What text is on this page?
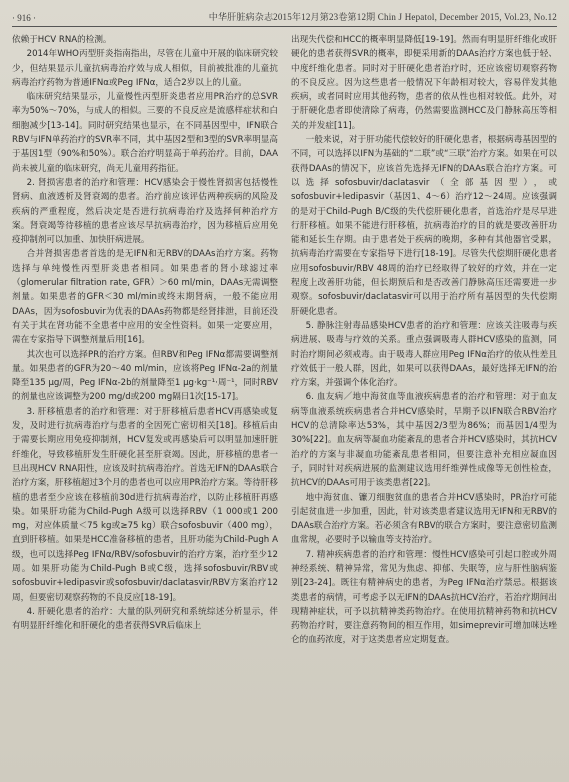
· 916 ·	中华肝脏病杂志2015年12月第23卷第12期 Chin J Hepatol, December 2015, Vol.23, No.12

依赖于HCV RNA的检测。

2014年WHO丙型肝炎指南指出，尽管在儿童中开展的临床研究较少，但结果显示儿童抗病毒治疗效与成人相似，目前被批准的儿童抗病毒治疗药物为普通IFNα或Peg IFNα，适合2岁以上的儿童。

临床研究结果显示，儿童慢性丙型肝炎患者应用PR治疗的总SVR率为50%～70%，与成人的相似。三要的不良反应是流感样症状和白细胞减少[13-14]。同时研究结果也显示，在不同基因型中，IFN联合RBV与IFN单药治疗的SVR率不同，其中基因2型和3型的SVR率明显高于基因1型（90%和50%）。联合治疗明显高于单药治疗。目前，DAA尚未被儿童的临床研究，尚无儿童用药指征。

2. 肾损害患者的治疗和管理：HCV感染会于慢性肾损害包括慢性肾病、血液透析及肾衰竭的患者。治疗前应该评估两种疾病的风险及疾病的严重程度，然后决定是否进行抗病毒治疗及选择何种治疗方案。肾衰竭等待移植的患者应该尽早抗病毒治疗，因为移植后应用免疫抑制剂可以加重、加快肝病进展。

合并肾损害患者首选的是无IFN和无RBV的DAAs治疗方案。药物选择与单纯慢性丙型肝炎患者相同。如果患者的肾小球滤过率（glomerular filtration rate, GFR）＞60 ml/min，DAAs无需调整剂量。如果患者的GFR＜30 ml/min或终末期肾病，一般不能应用DAAs，因为sofosbuvir为优表的DAAs药物都是经肾排泄，目前还没有关于其在肾功能不全患者中应用的安全性资料。如果一定要应用，需在专家指导下调整剂量后用[16]。

其次也可以选择PR的治疗方案。但RBV和Peg IFNα都需要调整剂量。如果患者的GFR为20～40 ml/min，应该将Peg IFNα-2a的剂量降至135 μg/周，Peg IFNα-2b的剂量降至1 μg·kg⁻¹·周⁻¹，同时RBV的剂量也应该调整为200 mg/d或200 mg隔日1次[15-17]。

3. 肝移植患者的治疗和管理：对于肝移植后患者HCV再感染或复发，及时进行抗病毒治疗与患者的全因死亡密切相关[18]。移植后由于需要长期应用免疫抑制剂，HCV复发或再感染后可以明显加速肝脏纤维化，导致移植肝发生肝硬化甚至肝衰竭。因此，肝移植的患者一旦出现HCV RNA阳性，应该及时抗病毒治疗。首选无IFN的DAAs联合治疗方案，肝移植超过3个月的患者也可以应用PR治疗方案。等待肝移植的患者至少应该在移植前30d进行抗病毒治疗，以防止移植肝再感染。如果肝功能为Child-Pugh A级可以选择RBV（1 000或1 200 mg，对应体质量＜75 kg或≥75 kg）联合sofosbuvir（400 mg），直到肝移植。如果是HCC准备移植的患者，且肝功能为Child-Pugh A级，也可以选择Peg IFNα/RBV/sofosbuvir的治疗方案，治疗至少12周。如果肝功能为Child-Pugh B或C级，选择sofosbuvir/RBV或sofosbuvir+ledipasvir或sofosbuvir/daclatasvir/RBV方案治疗12周，但要密切观察药物的不良反应[18-19]。

4. 肝硬化患者的治疗：大量的队列研究和系统综述分析显示，伴有明显肝纤维化和肝硬化的患者获得SVR后临床上

出现失代偿和HCC的概率明显降低[19-19]。然而有明显肝纤维化或肝硬化的患者获得SVR的概率，即便采用新的DAAs治疗方案也低于轻、中度纤维化患者。同时对于肝硬化患者治疗时，还应该密切观察药物的不良反应。因为这些患者一般情况下年龄相对较大，容易伴发其他疾病，或者同时应用其他药物，患者的依从性也相对较低。此外，对于肝硬化患者即使清除了病毒，仍然需要监测HCC及门静脉高压等相关的并发症[11]。

一般来说，对于肝功能代偿较好的肝硬化患者，根据病毒基因型的不同，可以选择以IFN为基础的“二联”或“三联”治疗方案。如果在可以获得DAAs的情况下，应该首先选择无IFN的DAAs联合治疗方案。可以选择sofosbuvir/daclatasvir（全部基因型），或sofosbuvir+ledipasvir（基因1、4～6）治疗12～24周。应该强调的是对于Child-Pugh B/C级的失代偿肝硬化患者，首选治疗是尽早进行肝移植。如果不能进行肝移植，抗病毒治疗的目的就是要改善肝功能和延长生存期。由于患者处于疾病的晚期，多种有其他器官受累，抗病毒治疗需要在专家指导下进行[18-19]。尽管失代偿期肝硬化患者应用sofosbuvir/RBV 48周的治疗已经取得了较好的疗效，并在一定程度上改善肝功能，但长期预后和是否改善门静脉高压还需要进一步观察。sofosbuvir/daclatasvir可以用于治疗所有基因型的失代偿期肝硬化患者。

5. 静脉注射毒品感染HCV患者的治疗和管理：应该关注吸毒与疾病进展、吸毒与疗效的关系。重点强调吸毒人群HCV感染的监测，同时治疗期间必须戒毒。由于吸毒人群应用Peg IFNα治疗的依从性差且疗效低于一般人群，因此，如果可以获得DAAs，最好选择无IFN的治疗方案，并强调个体化治疗。

6. 血友病／地中海贫血等血液疾病患者的治疗和管理：对于血友病等血液系统疾病患者合并HCV感染时，早期予以IFN联合RBV治疗HCV的总清除率达53%，其中基因2/3型为86%；而基因1/4型为30%[22]。血友病等凝血功能紊乱的患者合并HCV感染时，其抗HCV治疗的方案与非凝血功能紊乱患者相同，但要注意补充相应凝血因子，同时针对疾病进展的监测建议选用纤维弹性成像等无创性检查，抗HCV的DAAs可用于该类患者[22]。

地中海贫血、镰刀细胞贫血的患者合并HCV感染时，PR治疗可能引起贫血进一步加重，因此，针对该类患者建议选用无IFN和无RBV的DAAs联合治疗方案。若必须含有RBV的联合方案时，要注意密切监测血常规，必要时予以输血等支持治疗。

7. 精神疾病患者的治疗和管理：慢性HCV感染可引起口腔或外周神经系统、精神异常，常见为焦虑、抑郁、失眠等，应与肝性脑病鉴别[23-24]。既往有精神病史的患者，为Peg IFNα治疗禁忌。根据该类患者的病情，可考虑予以无IFN的DAAs抗HCV治疗，若治疗期间出现精神症状，可予以抗精神类药物治疗。在使用抗精神药物和抗HCV药物治疗时，要注意药物间的相互作用，如simeprevir可增加咪达唑仑的血药浓度，对于这类患者应定期复查。
